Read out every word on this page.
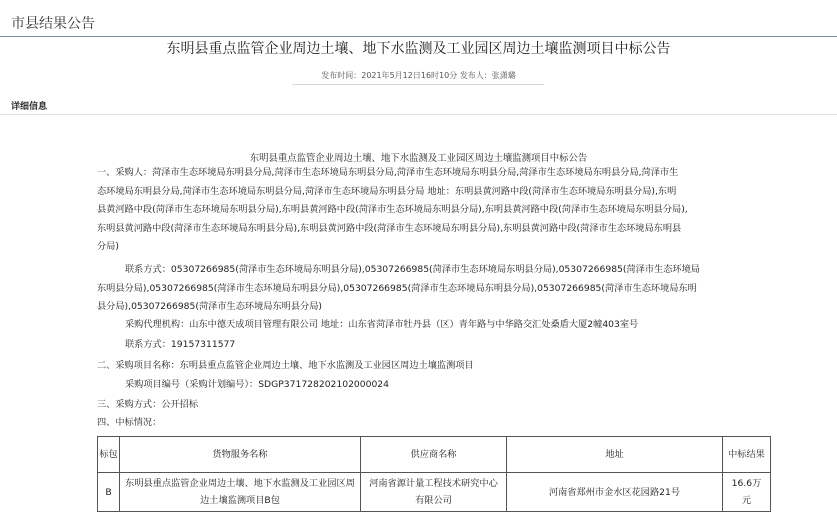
市县结果公告
东明县重点监管企业周边土壤、地下水监测及工业园区周边土壤监测项目中标公告
发布时间：2021年5月12日16时10分 发布人：张潇璐
详细信息
东明县重点监管企业周边土壤、地下水监测及工业园区周边土壤监测项目中标公告
一、采购人：菏泽市生态环境局东明县分局,菏泽市生态环境局东明县分局,菏泽市生态环境局东明县分局,菏泽市生态环境局东明县分局,菏泽市生
态环境局东明县分局,菏泽市生态环境局东明县分局,菏泽市生态环境局东明县分局 地址：东明县黄河路中段(菏泽市生态环境局东明县分局),东明
县黄河路中段(菏泽市生态环境局东明县分局),东明县黄河路中段(菏泽市生态环境局东明县分局),东明县黄河路中段(菏泽市生态环境局东明县分局),
东明县黄河路中段(菏泽市生态环境局东明县分局),东明县黄河路中段(菏泽市生态环境局东明县分局),东明县黄河路中段(菏泽市生态环境局东明县
分局)
联系方式：05307266985(菏泽市生态环境局东明县分局),05307266985(菏泽市生态环境局东明县分局),05307266985(菏泽市生态环境局
东明县分局),05307266985(菏泽市生态环境局东明县分局),05307266985(菏泽市生态环境局东明县分局),05307266985(菏泽市生态环境局东明
县分局),05307266985(菏泽市生态环境局东明县分局)
采购代理机构：山东中德天成项目管理有限公司 地址：山东省菏泽市牡丹县（区）青年路与中华路交汇处桑盾大厦2幢403室号
联系方式：19157311577
二、采购项目名称：东明县重点监管企业周边土壤、地下水监测及工业园区周边土壤监测项目
采购项目编号（采购计划编号）：SDGP371728202102000024
三、采购方式：公开招标
四、中标情况：
标包	货物服务名称	供应商名称	地址	中标结果
B	东明县重点监管企业周边土壤、地下水监测及工业园区周边土壤监测项目B包	河南省源计量工程技术研究中心有限公司	河南省郑州市金水区花园路21号	16.6万元
